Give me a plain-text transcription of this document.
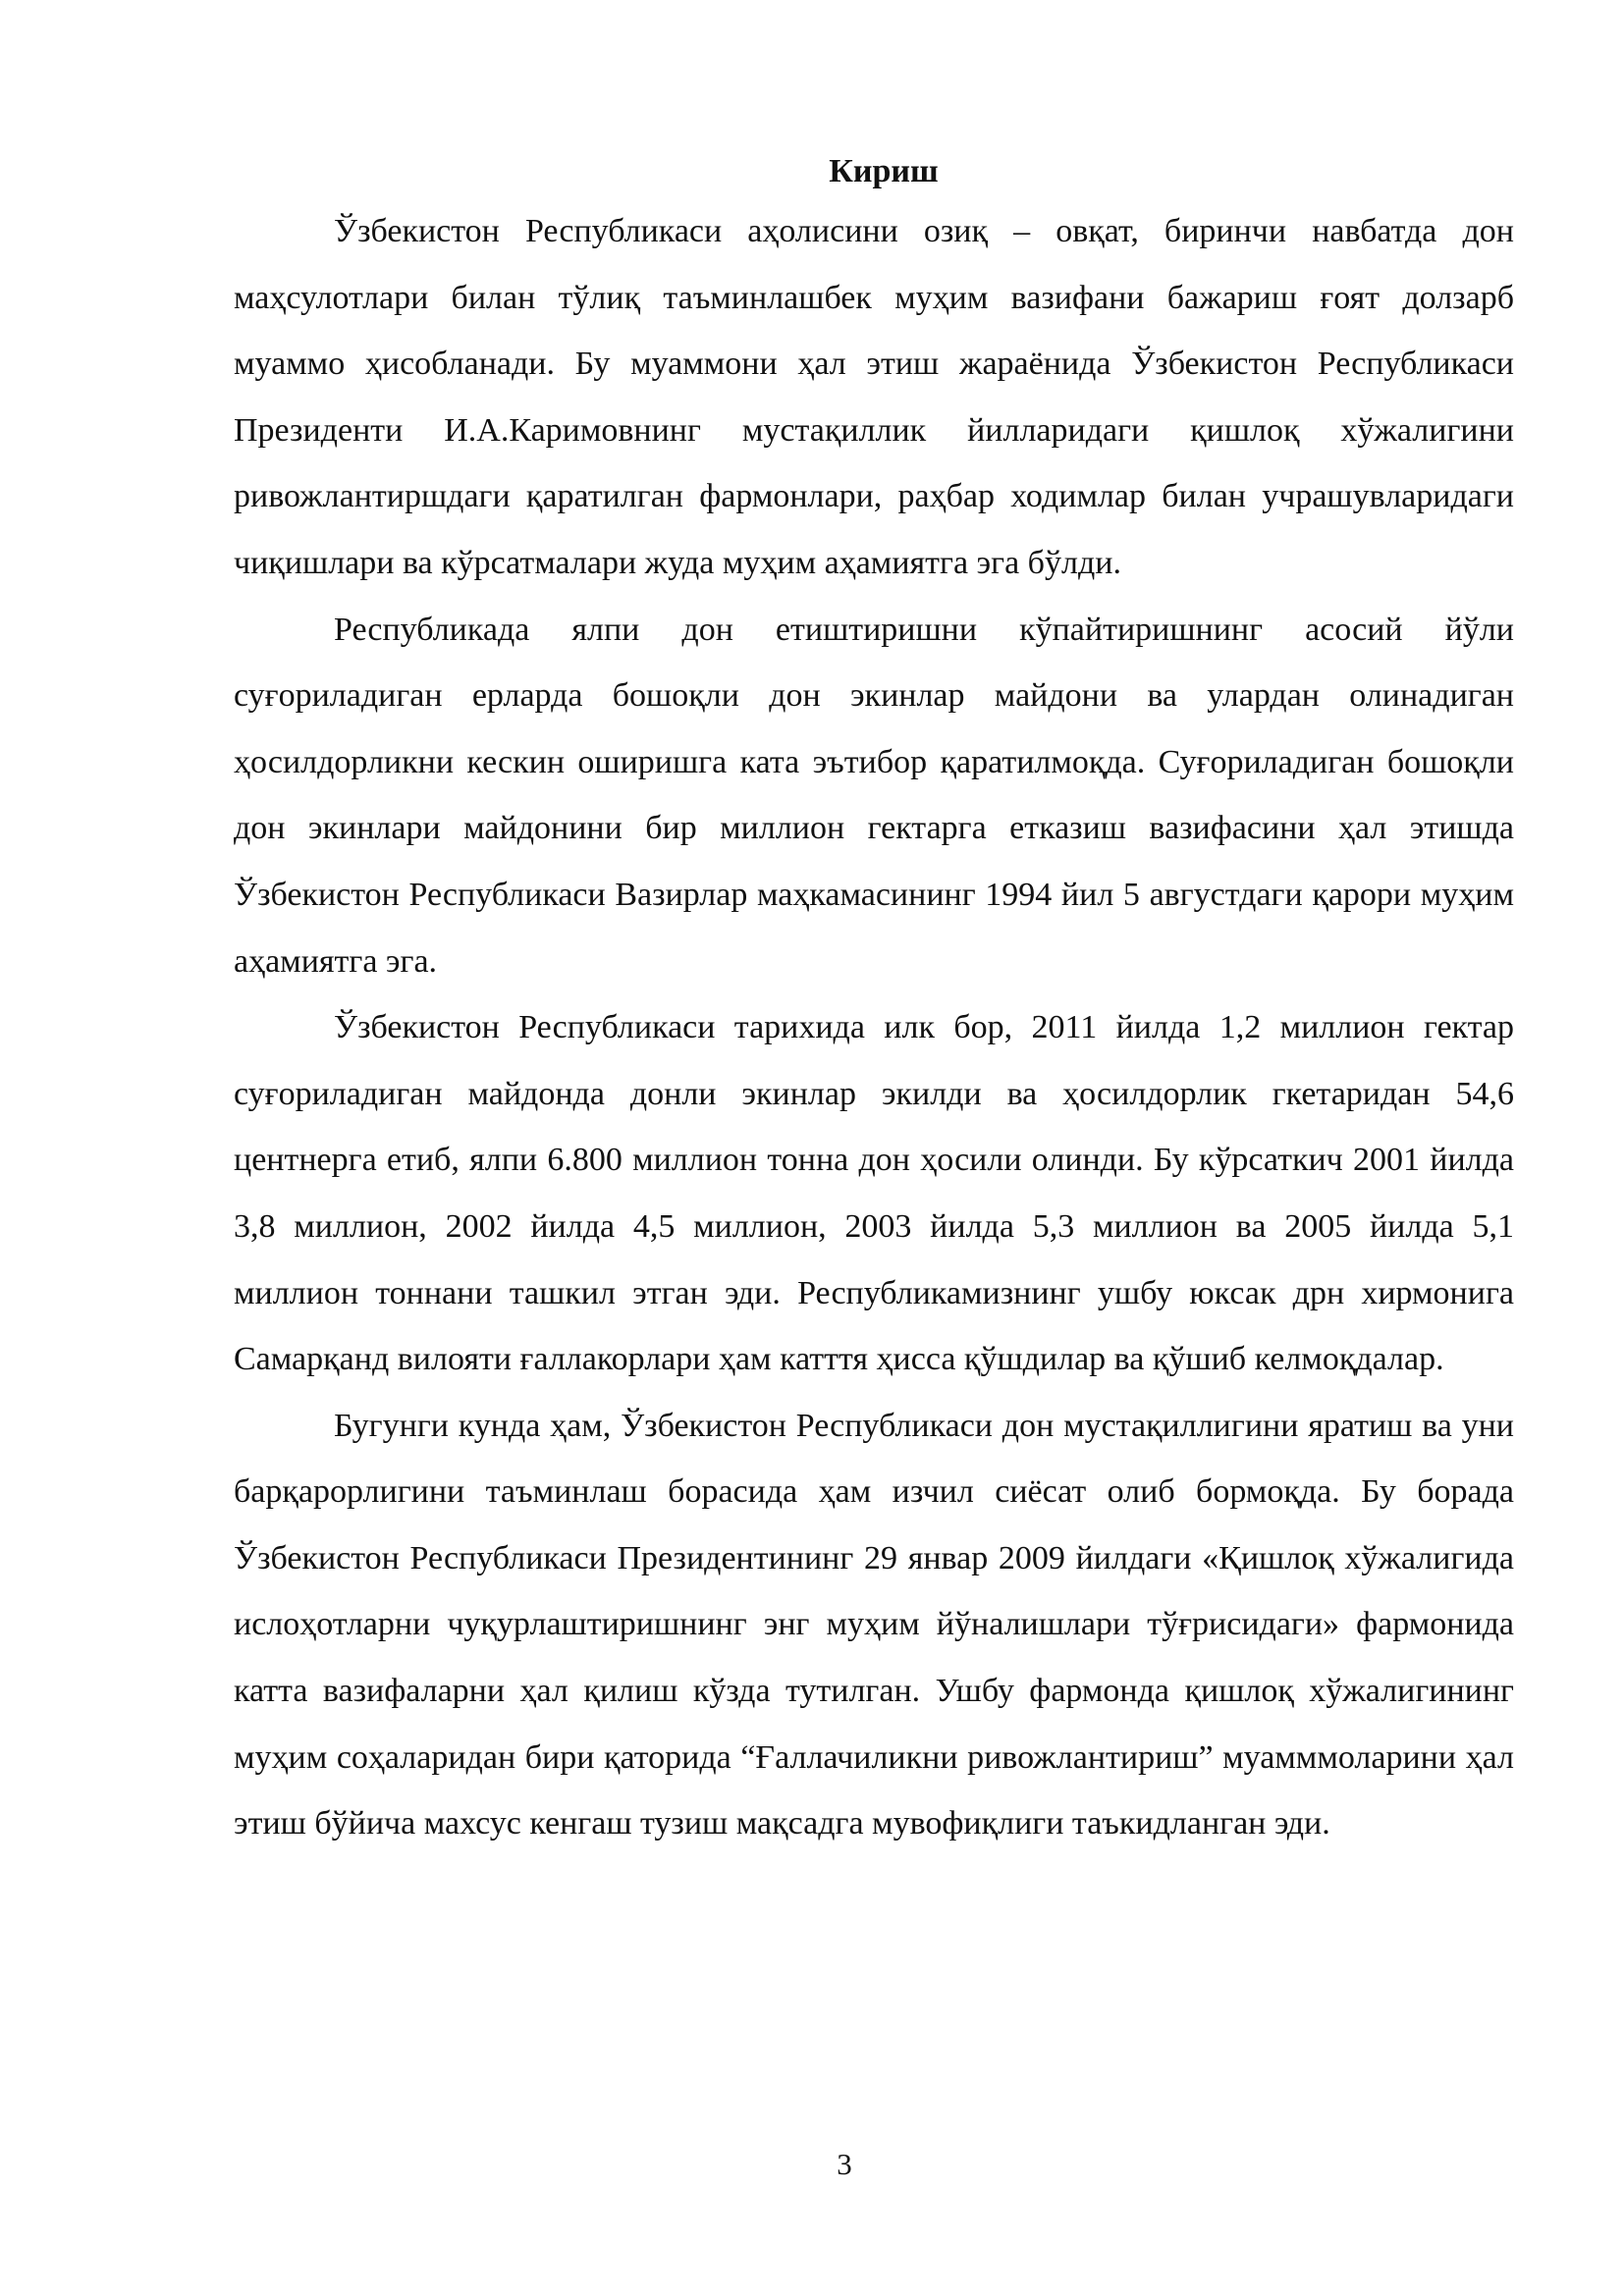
Кириш

Ўзбекистон Республикаси аҳолисини озиқ – овқат, биринчи навбатда дон маҳсулотлари билан тўлиқ таъминлашбек муҳим вазифани бажариш ғоят долзарб муаммо ҳисобланади. Бу муаммони ҳал этиш жараёнида Ўзбекистон Республикаси Президенти И.А.Каримовнинг мустақиллик йилларидаги қишлоқ хўжалигини ривожлантиршдаги қаратилган фармонлари, раҳбар ходимлар билан учрашувларидаги чиқишлари ва кўрсатмалари жуда муҳим аҳамиятга эга бўлди.

Республикада ялпи дон етиштиришни кўпайтиришнинг асосий йўли суғориладиган ерларда бошоқли дон экинлар майдони ва улардан олинадиган ҳосилдорликни кескин оширишга ката эътибор қаратилмоқда. Суғориладиган бошоқли дон экинлари майдонини бир миллион гектарга етказиш вазифасини ҳал этишда Ўзбекистон Республикаси Вазирлар маҳкамасининг 1994 йил 5 августдаги қарори муҳим аҳамиятга эга.

Ўзбекистон Республикаси тарихида илк бор, 2011 йилда 1,2 миллион гектар суғориладиган майдонда донли экинлар экилди ва ҳосилдорлик гкетаридан 54,6 центнерга етиб, ялпи 6.800 миллион тонна дон ҳосили олинди. Бу кўрсаткич 2001 йилда 3,8 миллион, 2002 йилда 4,5 миллион, 2003 йилда 5,3 миллион ва 2005 йилда 5,1 миллион тоннани ташкил этган эди. Республикамизнинг ушбу юксак дрн хирмонига Самарқанд вилояти ғаллакорлари ҳам катття ҳисса қўшдилар ва қўшиб келмоқдалар.

Бугунги кунда ҳам, Ўзбекистон Республикаси дон мустақиллигини яратиш ва уни барқарорлигини таъминлаш борасида ҳам изчил сиёсат олиб бормоқда. Бу борада Ўзбекистон Республикаси Президентининг 29 январ 2009 йилдаги «Қишлоқ хўжалигида ислоҳотларни чуқурлаштиришнинг энг муҳим йўналишлари тўғрисидаги» фармонида катта вазифаларни ҳал қилиш кўзда тутилган. Ушбу фармонда қишлоқ хўжалигининг муҳим соҳаларидан бири қаторида “Ғаллачиликни ривожлантириш” муамммоларини ҳал этиш бўйича махсус кенгаш тузиш мақсадга мувофиқлиги таъкидланган эди.

3
